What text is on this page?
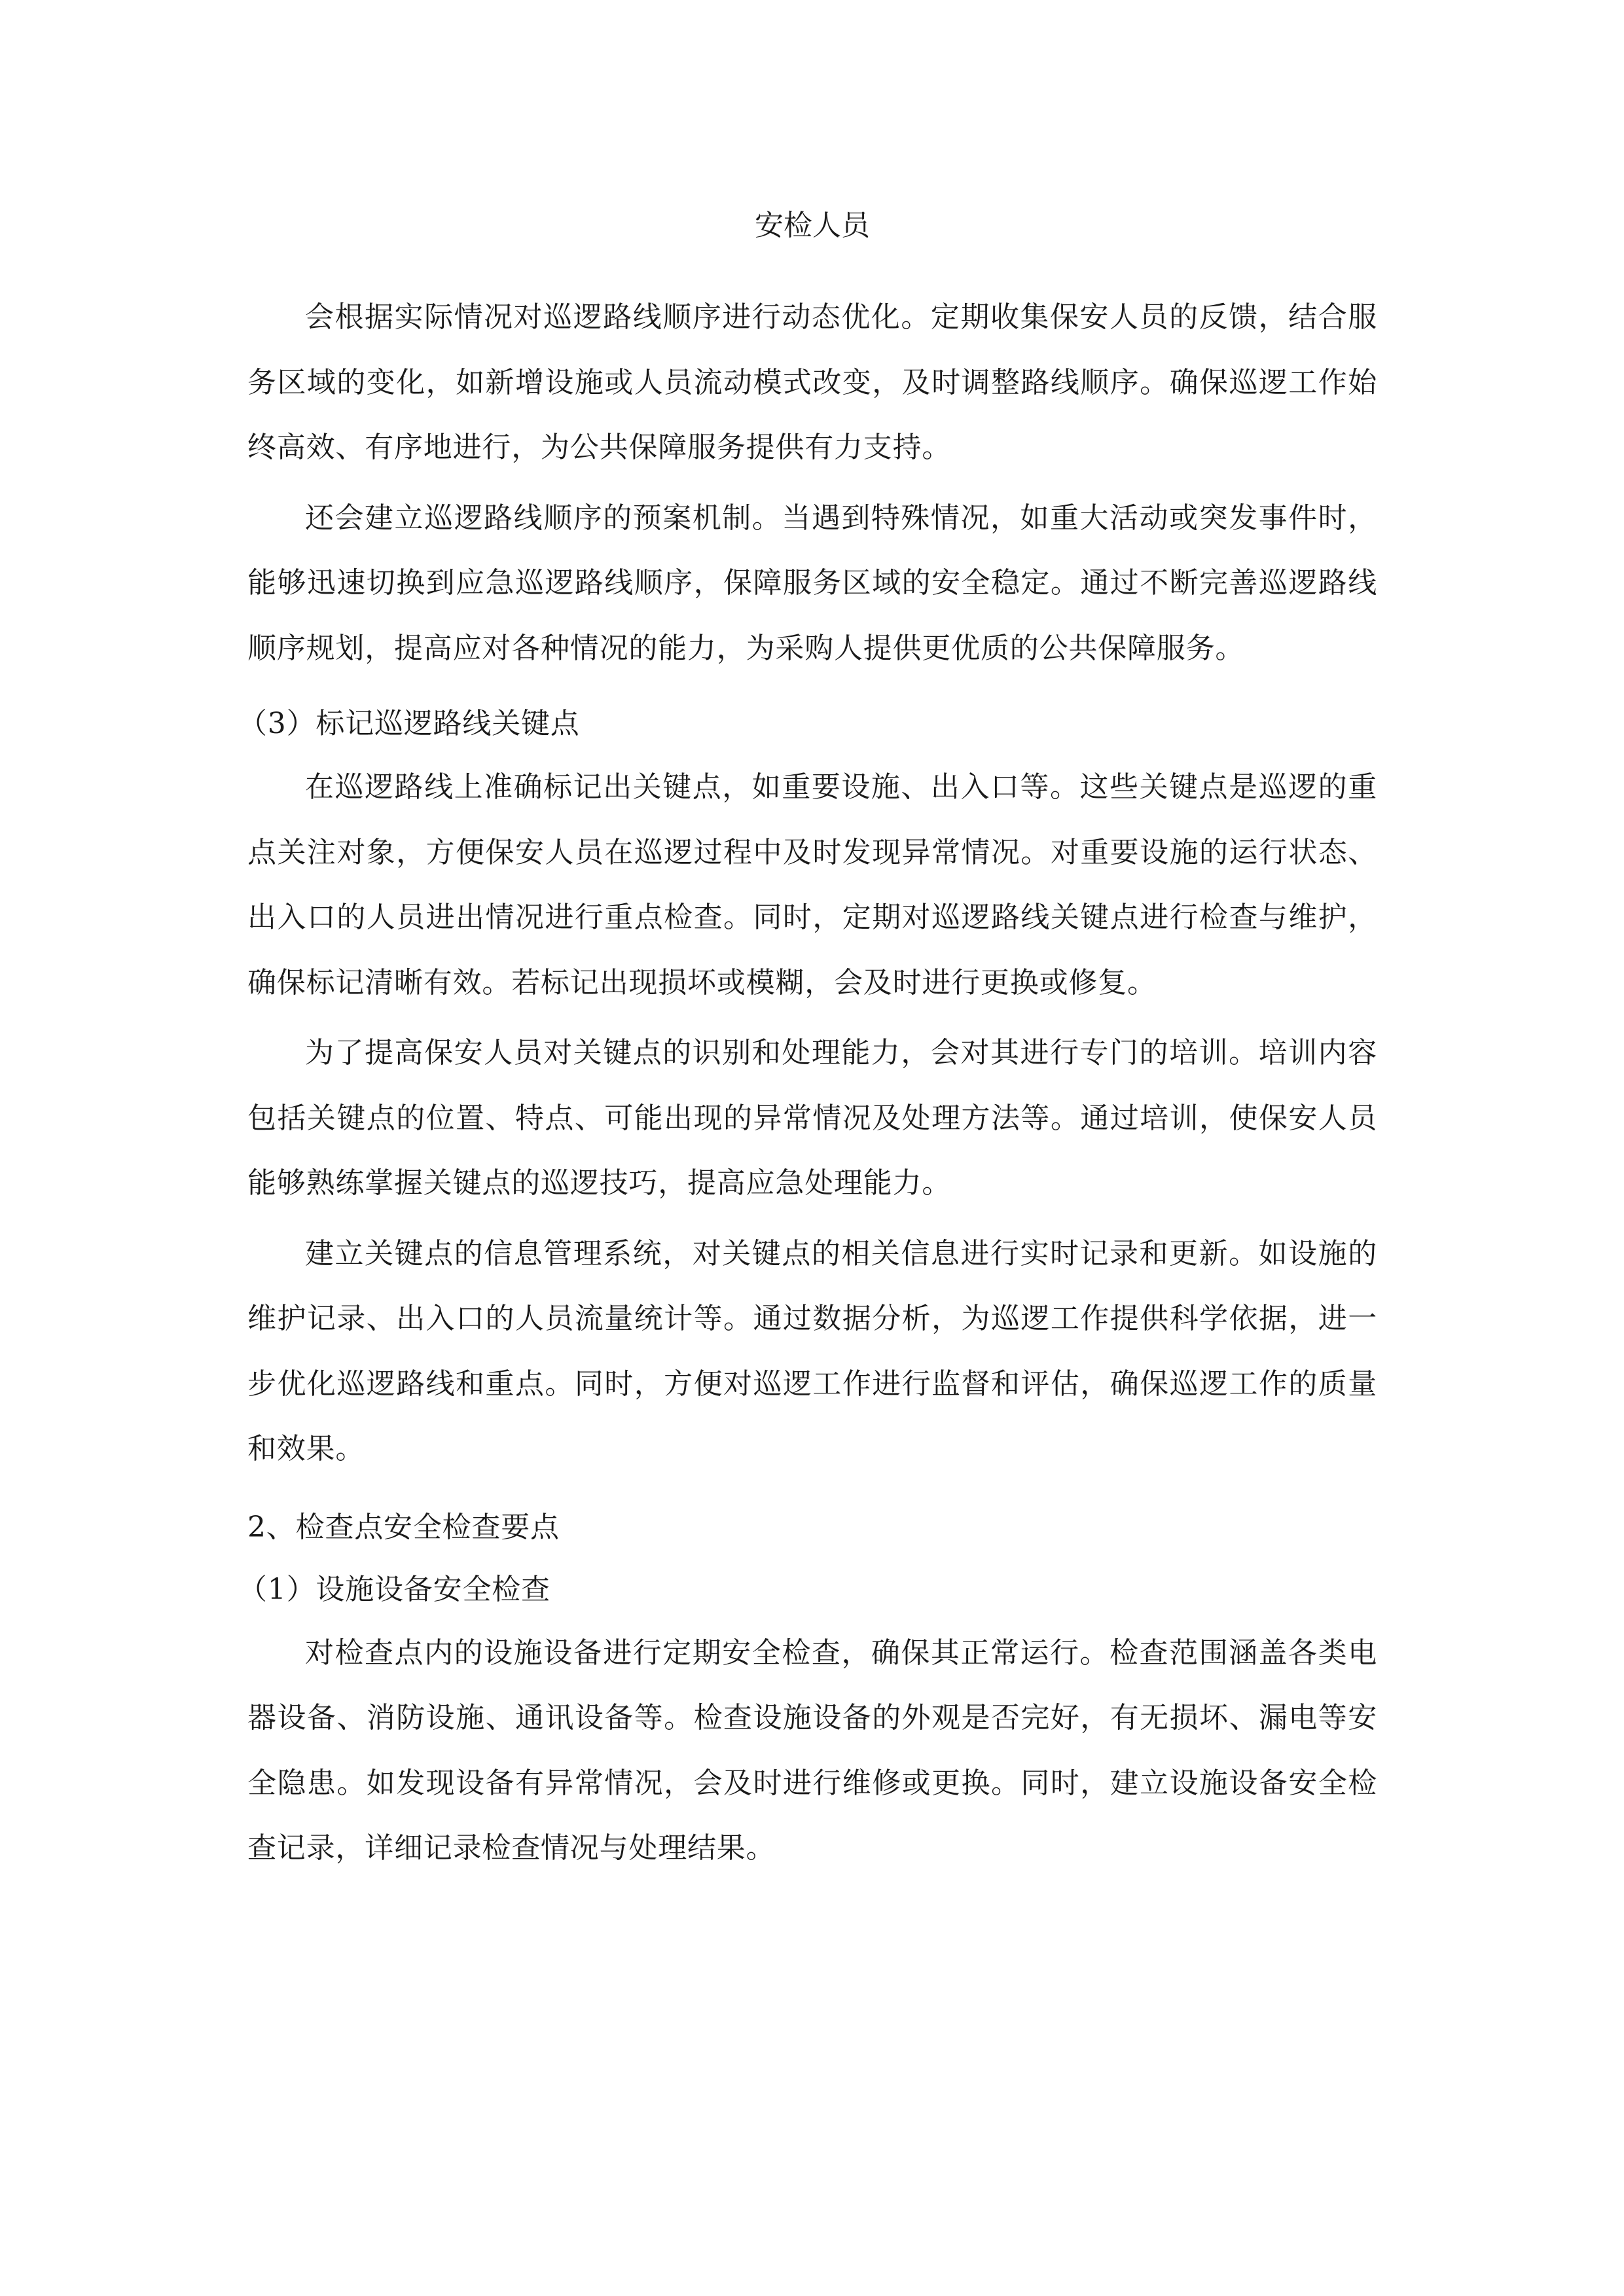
安检人员

会根据实际情况对巡逻路线顺序进行动态优化。定期收集保安人员的反馈，结合服务区域的变化，如新增设施或人员流动模式改变，及时调整路线顺序。确保巡逻工作始终高效、有序地进行，为公共保障服务提供有力支持。

还会建立巡逻路线顺序的预案机制。当遇到特殊情况，如重大活动或突发事件时，能够迅速切换到应急巡逻路线顺序，保障服务区域的安全稳定。通过不断完善巡逻路线顺序规划，提高应对各种情况的能力，为采购人提供更优质的公共保障服务。

（3）标记巡逻路线关键点

在巡逻路线上准确标记出关键点，如重要设施、出入口等。这些关键点是巡逻的重点关注对象，方便保安人员在巡逻过程中及时发现异常情况。对重要设施的运行状态、出入口的人员进出情况进行重点检查。同时，定期对巡逻路线关键点进行检查与维护，确保标记清晰有效。若标记出现损坏或模糊，会及时进行更换或修复。

为了提高保安人员对关键点的识别和处理能力，会对其进行专门的培训。培训内容包括关键点的位置、特点、可能出现的异常情况及处理方法等。通过培训，使保安人员能够熟练掌握关键点的巡逻技巧，提高应急处理能力。

建立关键点的信息管理系统，对关键点的相关信息进行实时记录和更新。如设施的维护记录、出入口的人员流量统计等。通过数据分析，为巡逻工作提供科学依据，进一步优化巡逻路线和重点。同时，方便对巡逻工作进行监督和评估，确保巡逻工作的质量和效果。

2、检查点安全检查要点
（1）设施设备安全检查

对检查点内的设施设备进行定期安全检查，确保其正常运行。检查范围涵盖各类电器设备、消防设施、通讯设备等。检查设施设备的外观是否完好，有无损坏、漏电等安全隐患。如发现设备有异常情况，会及时进行维修或更换。同时，建立设施设备安全检查记录，详细记录检查情况与处理结果。
